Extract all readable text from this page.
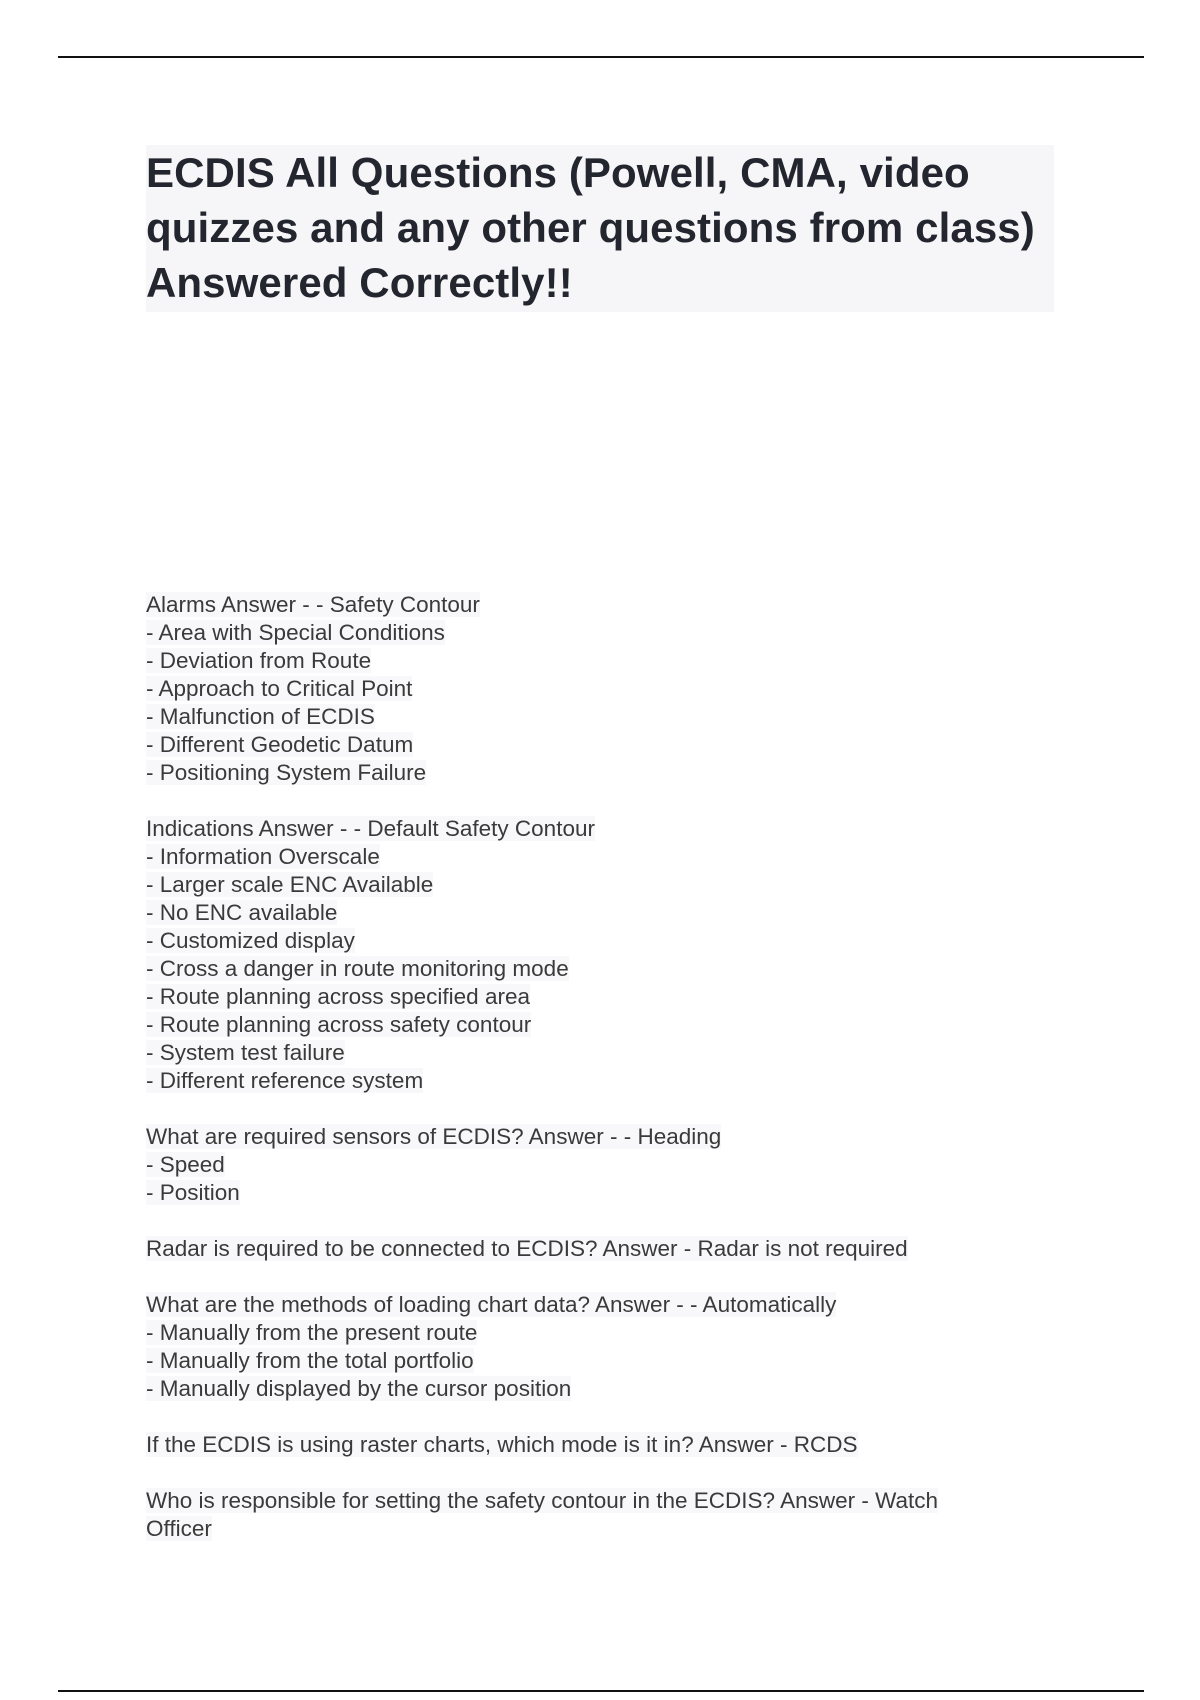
ECDIS All Questions (Powell, CMA, video quizzes and any other questions from class) Answered Correctly!!
Alarms Answer - - Safety Contour
- Area with Special Conditions
- Deviation from Route
- Approach to Critical Point
- Malfunction of ECDIS
- Different Geodetic Datum
- Positioning System Failure
Indications Answer - - Default Safety Contour
- Information Overscale
- Larger scale ENC Available
- No ENC available
- Customized display
- Cross a danger in route monitoring mode
- Route planning across specified area
- Route planning across safety contour
- System test failure
- Different reference system
What are required sensors of ECDIS? Answer - - Heading
- Speed
- Position
Radar is required to be connected to ECDIS? Answer - Radar is not required
What are the methods of loading chart data? Answer - - Automatically
- Manually from the present route
- Manually from the total portfolio
- Manually displayed by the cursor position
If the ECDIS is using raster charts, which mode is it in? Answer - RCDS
Who is responsible for setting the safety contour in the ECDIS? Answer - Watch
Officer
